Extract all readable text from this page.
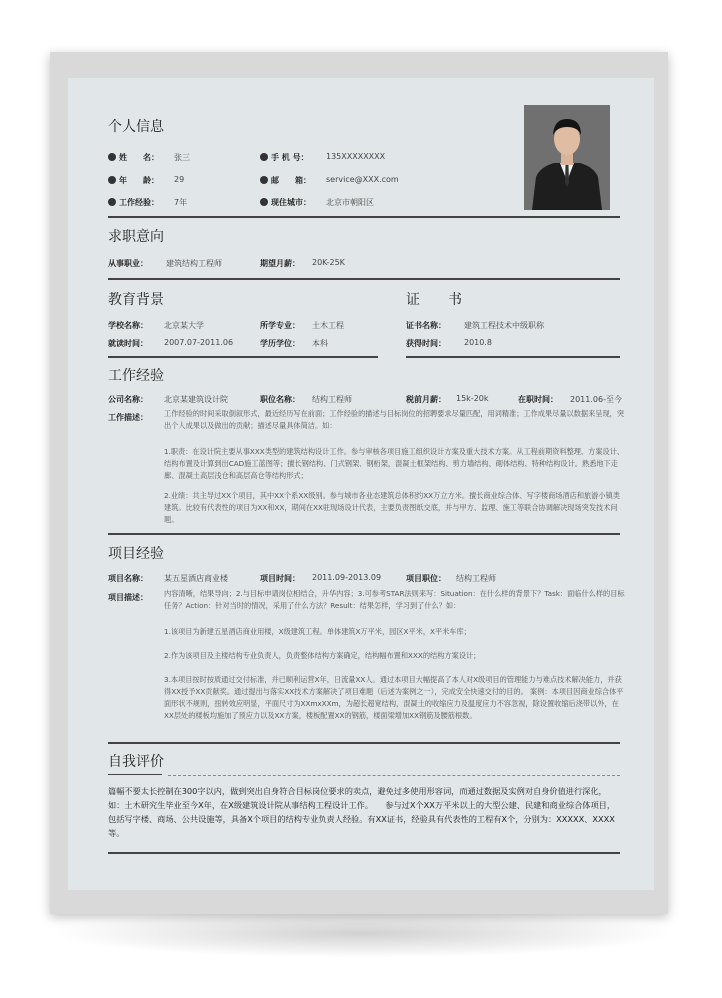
个人信息
姓　　名： 张三
年　　龄： 29
工作经验： 7年
手 机 号： 135XXXXXXXX
邮　　箱： service@XXX.com
现住城市： 北京市朝阳区
求职意向
从事职业： 建筑结构工程师	期望月薪： 20K-25K
教育背景
学校名称： 北京某大学	所学专业： 土木工程
就读时间： 2007.07-2011.06	学历学位： 本科
证　　书
证书名称： 建筑工程技术中级职称
获得时间： 2010.8
工作经验
公司名称： 北京某建筑设计院	职位名称： 结构工程师	税前月薪： 15k-20k	在职时间： 2011.06-至今
工作描述： 工作经验的时间采取倒叙形式，最近经历写在前面；工作经验的描述与目标岗位的招聘要求尽量匹配，用词精准；工作成果尽量以数据来呈现，突出个人成果以及做出的贡献；描述尽量具体简洁。如：
1.职责：在设计院主要从事XXX类型的建筑结构设计工作。参与审核各项目施工组织设计方案及重大技术方案。从工程前期资料整理、方案设计、结构布置及计算到出CAD施工蓝图等；擅长钢结构、门式钢架、钢桁架，混凝土框架结构、剪力墙结构、砌体结构、特种结构设计。熟悉地下走廊、混凝土高层浅仓和高层高仓等结构形式；
2.业绩：共主导过XX个项目，其中XX个系XX级别。参与城市各业态建筑总体积约XX万立方米。擅长商业综合体、写字楼商场酒店和旅游小镇类建筑。比较有代表性的项目为XX和XX，期间在XX驻现场设计代表，主要负责图纸交底，并与甲方、监理、施工等联合协调解决现场突发技术问题。
项目经验
项目名称： 某五星酒店商业楼	项目时间： 2011.09-2013.09	项目职位： 结构工程师
项目描述： 内容清晰，结果导向；2.与目标申请岗位相结合，升华内容；3.可参考STAR法则来写：Situation：在什么样的背景下？Task：面临什么样的目标任务？Action：针对当时的情况，采用了什么方法？Result：结果怎样，学习到了什么？如：
1.该项目为新建五星酒店商业用楼，X级建筑工程。单体建筑X万平米，园区X平米，X平米车库；
2.作为该项目及主楼结构专业负责人，负责整体结构方案确定，结构幅布置和XXX的结构方案设计；
3.本项目按时按质通过交付标准，并已顺利运营X年，日流量XX人。通过本项目大幅提高了本人对X级项目的管理能力与难点技术解决能力，并获得XX授予XX贡献奖。通过提出与落实XX技术方案解决了项目难题（后述为案例之一），完成安全快速交付的目的。 案例：本项目因商业综合体平面形状不规则，扭转效应明显，平面尺寸为XXmxXXm，为超长超宽结构，混凝土的收缩应力及温度应力不容忽视，除设置收缩后浇带以外，在XX层处的楼板均施加了预应力以及XX方案，楼板配置XX的钢筋，楼面梁增加XX钢筋及腰筋根数。
自我评价
篇幅不要太长控制在300字以内，做到突出自身符合目标岗位要求的卖点，避免过多使用形容词，而通过数据及实例对自身价值进行深化，如：土木研究生毕业至今X年，在X级建筑设计院从事结构工程设计工作。　　参与过X个XX万平米以上的大型公建、民建和商业综合体项目，包括写字楼、商场、公共设施等，具备X个项目的结构专业负责人经验。有XX证书，经验具有代表性的工程有X个，分别为：XXXXX、XXXX等。
